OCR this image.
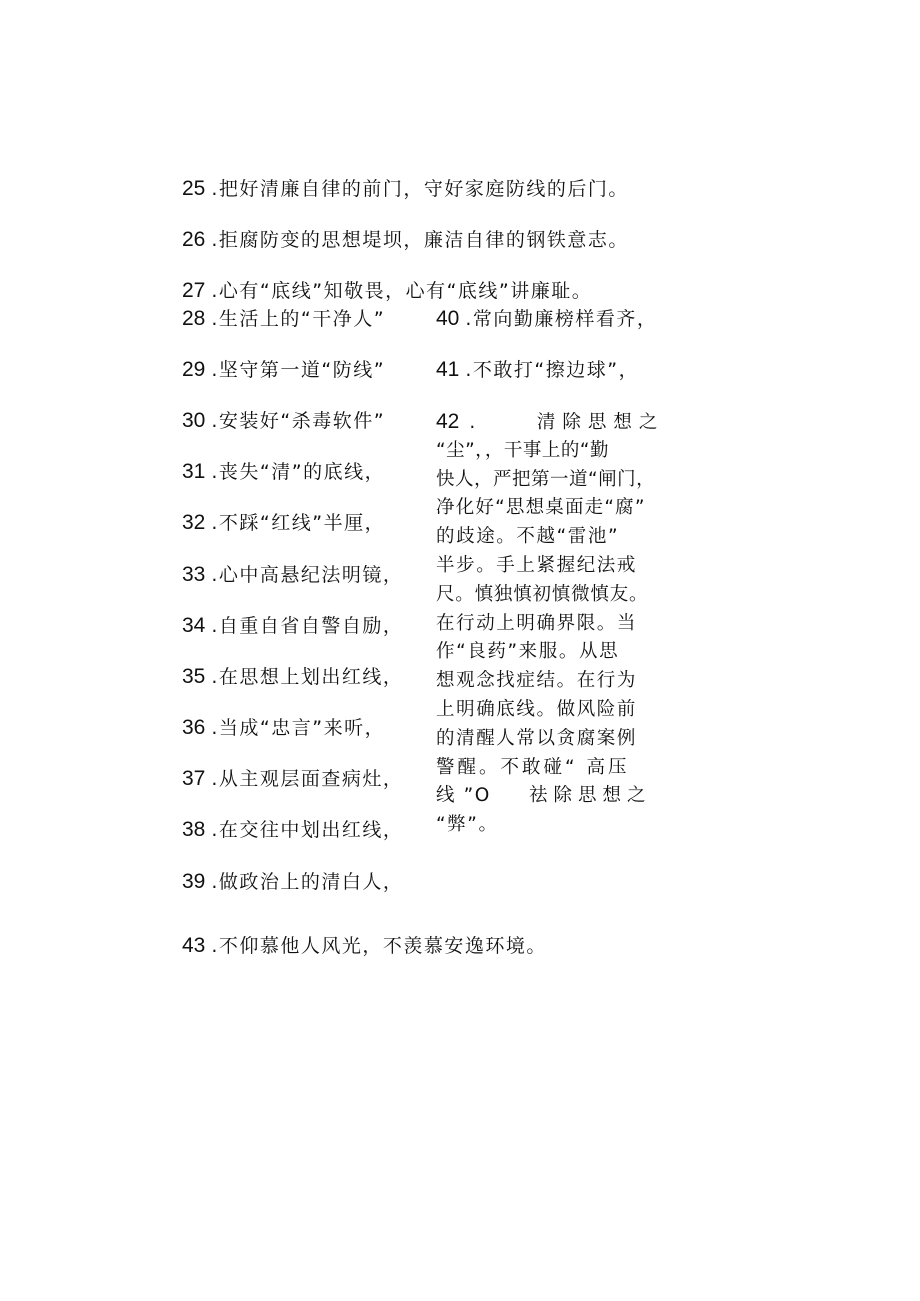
25 .把好清廉自律的前门，守好家庭防线的后门。
26 .拒腐防变的思想堤坝，廉洁自律的钢铁意志。
27 .心有“底线”知敬畏，心有“底线”讲廉耻。
28 .生活上的“干净人”
29 .坚守第一道“防线”
30 .安装好“杀毒软件”
31 .丧失“清”的底线，
32 .不踩“红线”半厘，
33 .心中高悬纪法明镜，
34 .自重自省自警自励，
35 .在思想上划出红线，
36 .当成“忠言”来听，
37 .从主观层面查病灶，
38 .在交往中划出红线，
39 .做政治上的清白人，
40 .常向勤廉榜样看齐，
41 .不敢打“擦边球”，
42 .	清除思想之
“尘”，，干事上的“勤
快人，严把第一道“闸门，
净化好“思想桌面走“腐”
的歧途。不越“雷池”
半步。手上紧握纪法戒
尺。慎独慎初慎微慎友。
在行动上明确界限。当
作“良药”来服。从思
想观念找症结。在行为
上明确底线。做风险前
的清醒人常以贪腐案例
警醒。不敢碰“ 高压
线 ”O 祛除思想之
“弊”。
43 .不仰慕他人风光，不羡慕安逸环境。
